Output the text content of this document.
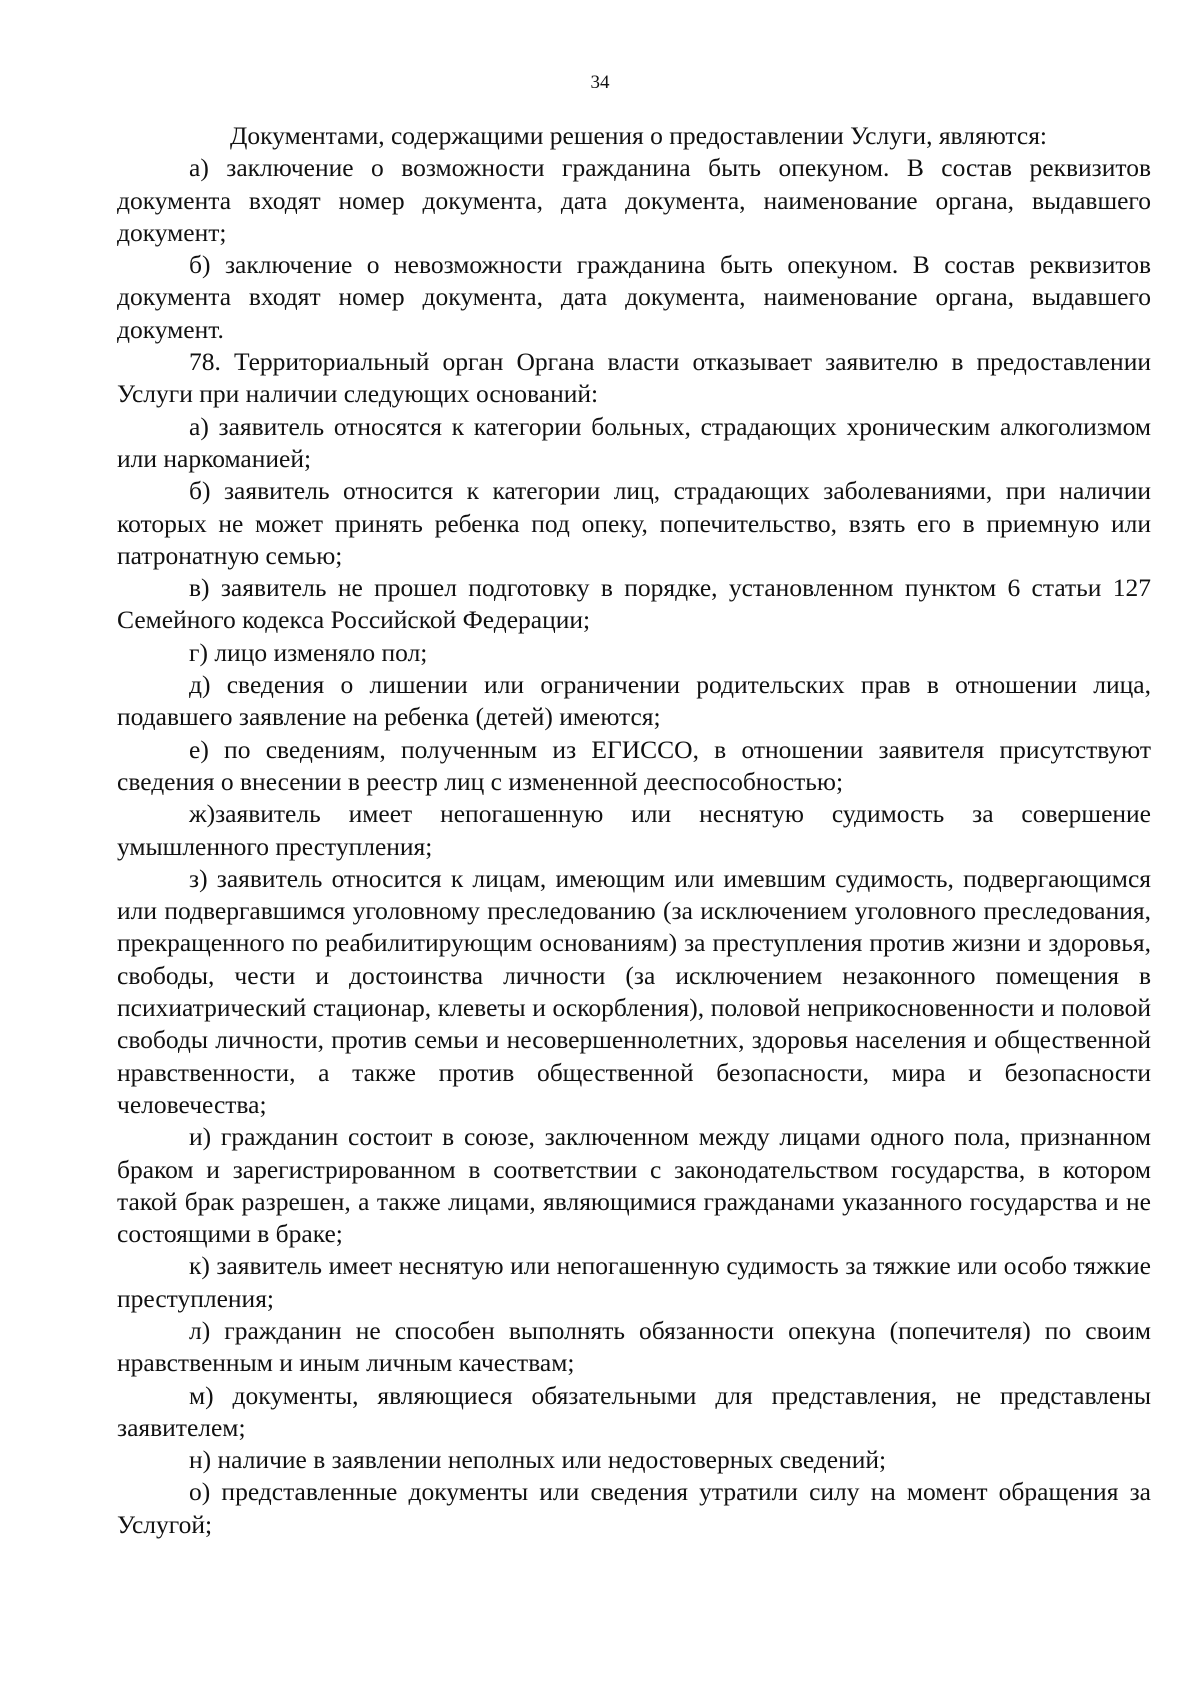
34

Документами, содержащими решения о предоставлении Услуги, являются:

а) заключение о возможности гражданина быть опекуном. В состав реквизитов документа входят номер документа, дата документа, наименование органа, выдавшего документ;

б) заключение о невозможности гражданина быть опекуном. В состав реквизитов документа входят номер документа, дата документа, наименование органа, выдавшего документ.

78. Территориальный орган Органа власти отказывает заявителю в предоставлении Услуги при наличии следующих оснований:

а) заявитель относятся к категории больных, страдающих хроническим алкоголизмом или наркоманией;

б) заявитель относится к категории лиц, страдающих заболеваниями, при наличии которых не может принять ребенка под опеку, попечительство, взять его в приемную или патронатную семью;

в) заявитель не прошел подготовку в порядке, установленном пунктом 6 статьи 127 Семейного кодекса Российской Федерации;

г) лицо изменяло пол;

д) сведения о лишении или ограничении родительских прав в отношении лица, подавшего заявление на ребенка (детей) имеются;

е) по сведениям, полученным из ЕГИССО, в отношении заявителя присутствуют сведения о внесении в реестр лиц с измененной дееспособностью;

ж)заявитель имеет непогашенную или неснятую судимость за совершение умышленного преступления;

з) заявитель относится к лицам, имеющим или имевшим судимость, подвергающимся или подвергавшимся уголовному преследованию (за исключением уголовного преследования, прекращенного по реабилитирующим основаниям) за преступления против жизни и здоровья, свободы, чести и достоинства личности (за исключением незаконного помещения в психиатрический стационар, клеветы и оскорбления), половой неприкосновенности и половой свободы личности, против семьи и несовершеннолетних, здоровья населения и общественной нравственности, а также против общественной безопасности, мира и безопасности человечества;

и) гражданин состоит в союзе, заключенном между лицами одного пола, признанном браком и зарегистрированном в соответствии с законодательством государства, в котором такой брак разрешен, а также лицами, являющимися гражданами указанного государства и не состоящими в браке;

к) заявитель имеет неснятую или непогашенную судимость за тяжкие или особо тяжкие преступления;

л) гражданин не способен выполнять обязанности опекуна (попечителя) по своим нравственным и иным личным качествам;

м) документы, являющиеся обязательными для представления, не представлены заявителем;

н) наличие в заявлении неполных или недостоверных сведений;

о) представленные документы или сведения утратили силу на момент обращения за Услугой;
